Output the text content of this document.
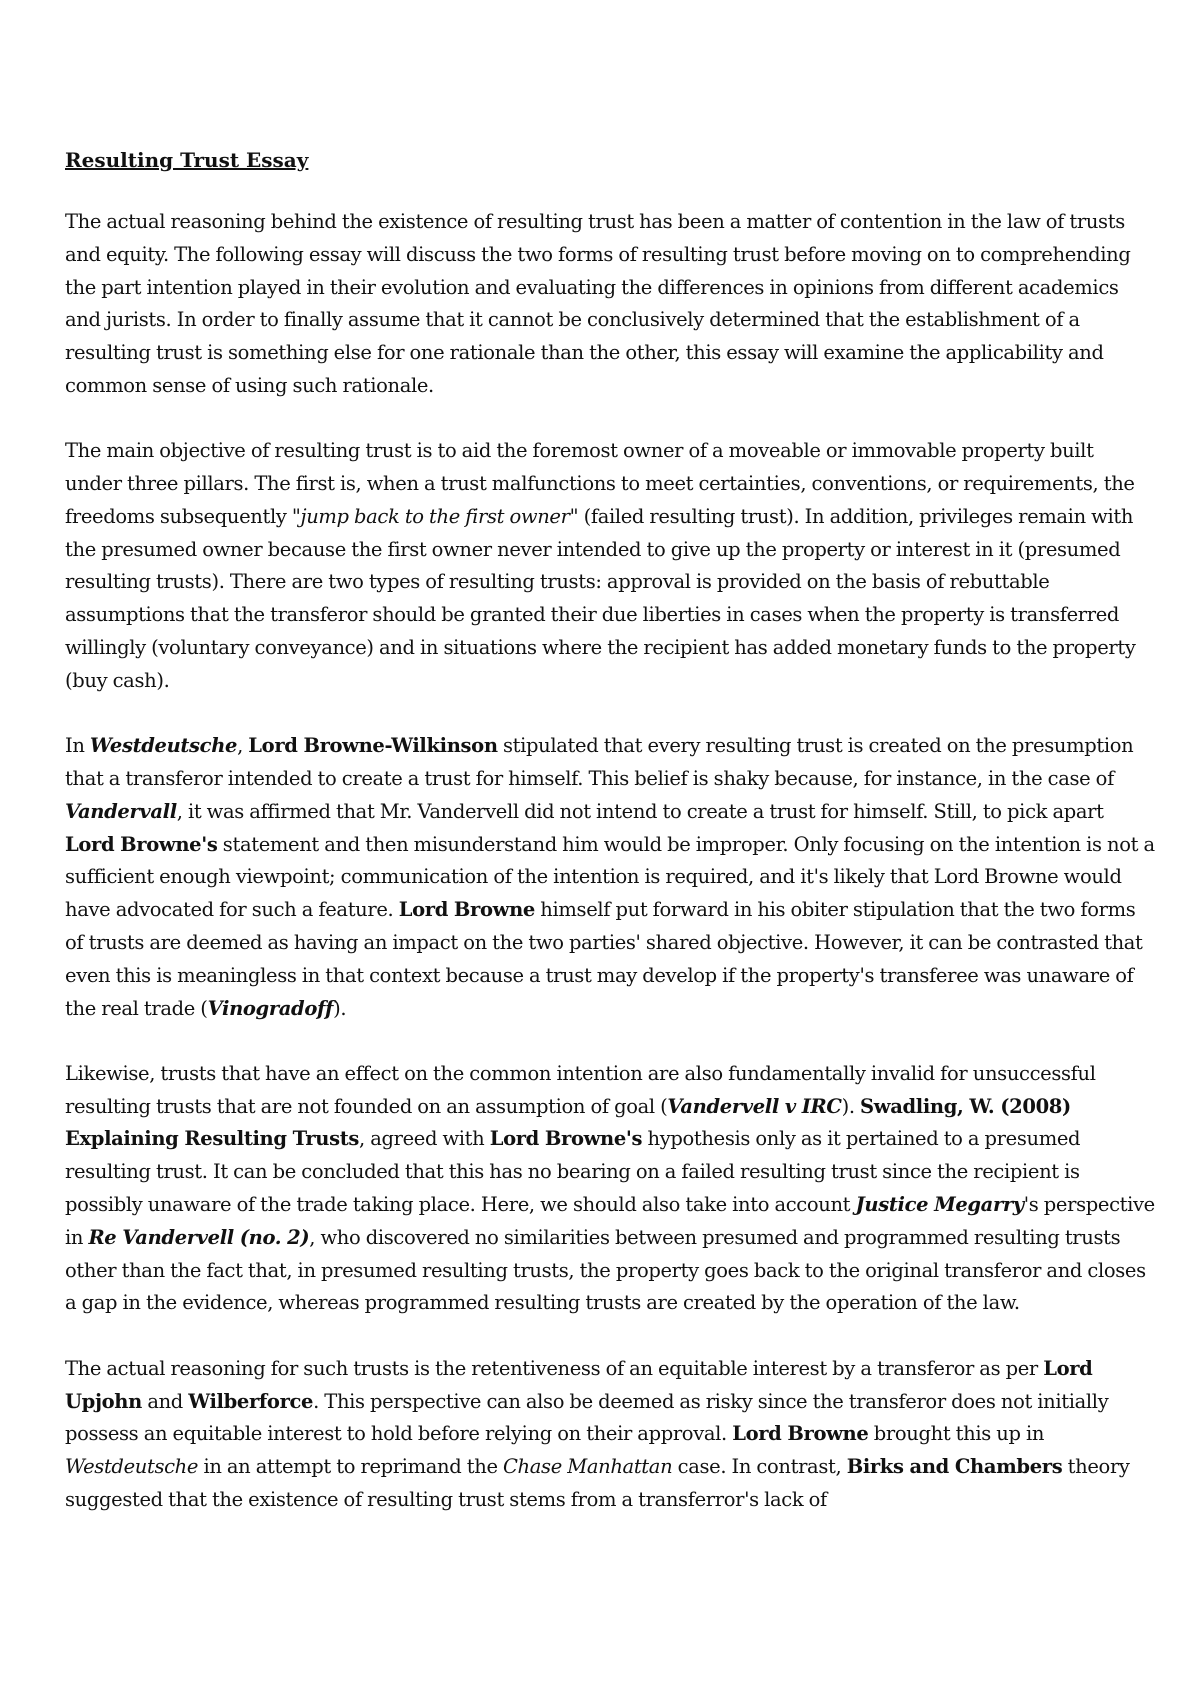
Resulting Trust Essay

The actual reasoning behind the existence of resulting trust has been a matter of contention in the law of trusts and equity. The following essay will discuss the two forms of resulting trust before moving on to comprehending the part intention played in their evolution and evaluating the differences in opinions from different academics and jurists. In order to finally assume that it cannot be conclusively determined that the establishment of a resulting trust is something else for one rationale than the other, this essay will examine the applicability and common sense of using such rationale.

The main objective of resulting trust is to aid the foremost owner of a moveable or immovable property built under three pillars. The first is, when a trust malfunctions to meet certainties, conventions, or requirements, the freedoms subsequently "jump back to the first owner" (failed resulting trust). In addition, privileges remain with the presumed owner because the first owner never intended to give up the property or interest in it (presumed resulting trusts). There are two types of resulting trusts: approval is provided on the basis of rebuttable assumptions that the transferor should be granted their due liberties in cases when the property is transferred willingly (voluntary conveyance) and in situations where the recipient has added monetary funds to the property (buy cash).

In Westdeutsche, Lord Browne-Wilkinson stipulated that every resulting trust is created on the presumption that a transferor intended to create a trust for himself. This belief is shaky because, for instance, in the case of Vandervall, it was affirmed that Mr. Vandervell did not intend to create a trust for himself. Still, to pick apart Lord Browne's statement and then misunderstand him would be improper. Only focusing on the intention is not a sufficient enough viewpoint; communication of the intention is required, and it's likely that Lord Browne would have advocated for such a feature. Lord Browne himself put forward in his obiter stipulation that the two forms of trusts are deemed as having an impact on the two parties' shared objective. However, it can be contrasted that even this is meaningless in that context because a trust may develop if the property's transferee was unaware of the real trade (Vinogradoff).

Likewise, trusts that have an effect on the common intention are also fundamentally invalid for unsuccessful resulting trusts that are not founded on an assumption of goal (Vandervell v IRC). Swadling, W. (2008) Explaining Resulting Trusts, agreed with Lord Browne's hypothesis only as it pertained to a presumed resulting trust. It can be concluded that this has no bearing on a failed resulting trust since the recipient is possibly unaware of the trade taking place. Here, we should also take into account Justice Megarry's perspective in Re Vandervell (no. 2), who discovered no similarities between presumed and programmed resulting trusts other than the fact that, in presumed resulting trusts, the property goes back to the original transferor and closes a gap in the evidence, whereas programmed resulting trusts are created by the operation of the law.

The actual reasoning for such trusts is the retentiveness of an equitable interest by a transferor as per Lord Upjohn and Wilberforce. This perspective can also be deemed as risky since the transferor does not initially possess an equitable interest to hold before relying on their approval. Lord Browne brought this up in Westdeutsche in an attempt to reprimand the Chase Manhattan case. In contrast, Birks and Chambers theory suggested that the existence of resulting trust stems from a transferror's lack of
